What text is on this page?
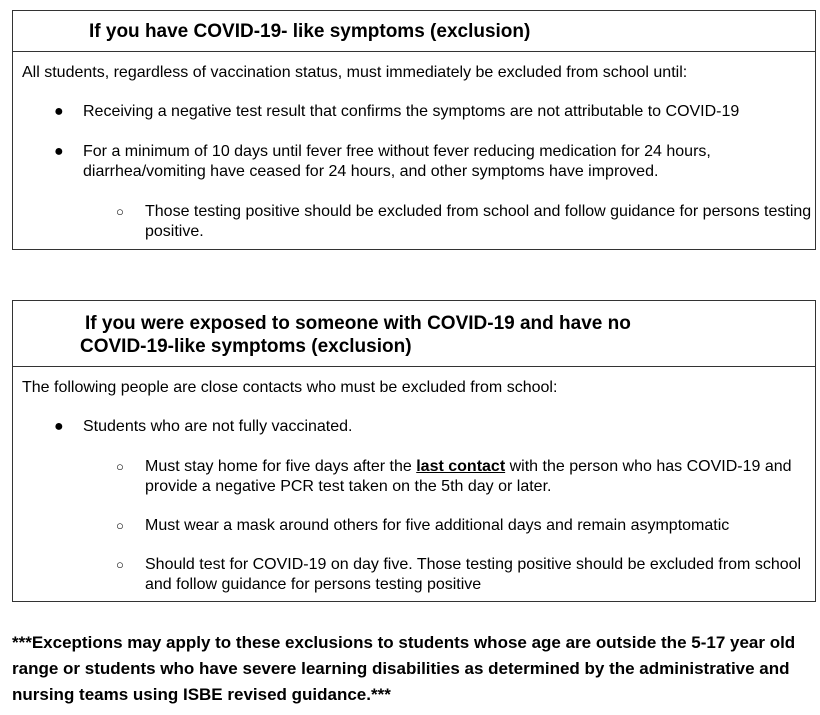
If you have COVID-19- like symptoms (exclusion)

All students, regardless of vaccination status, must immediately be excluded from school until:

● Receiving a negative test result that confirms the symptoms are not attributable to COVID-19
● For a minimum of 10 days until fever free without fever reducing medication for 24 hours, diarrhea/vomiting have ceased for 24 hours, and other symptoms have improved.
○ Those testing positive should be excluded from school and follow guidance for persons testing positive.
If you were exposed to someone with COVID-19 and have no
COVID-19-like symptoms (exclusion)

The following people are close contacts who must be excluded from school:

● Students who are not fully vaccinated.
○ Must stay home for five days after the last contact with the person who has COVID-19 and provide a negative PCR test taken on the 5th day or later.
○ Must wear a mask around others for five additional days and remain asymptomatic
○ Should test for COVID-19 on day five. Those testing positive should be excluded from school and follow guidance for persons testing positive

***Exceptions may apply to these exclusions to students whose age are outside the 5-17 year old range or students who have severe learning disabilities as determined by the administrative and nursing teams using ISBE revised guidance.***
